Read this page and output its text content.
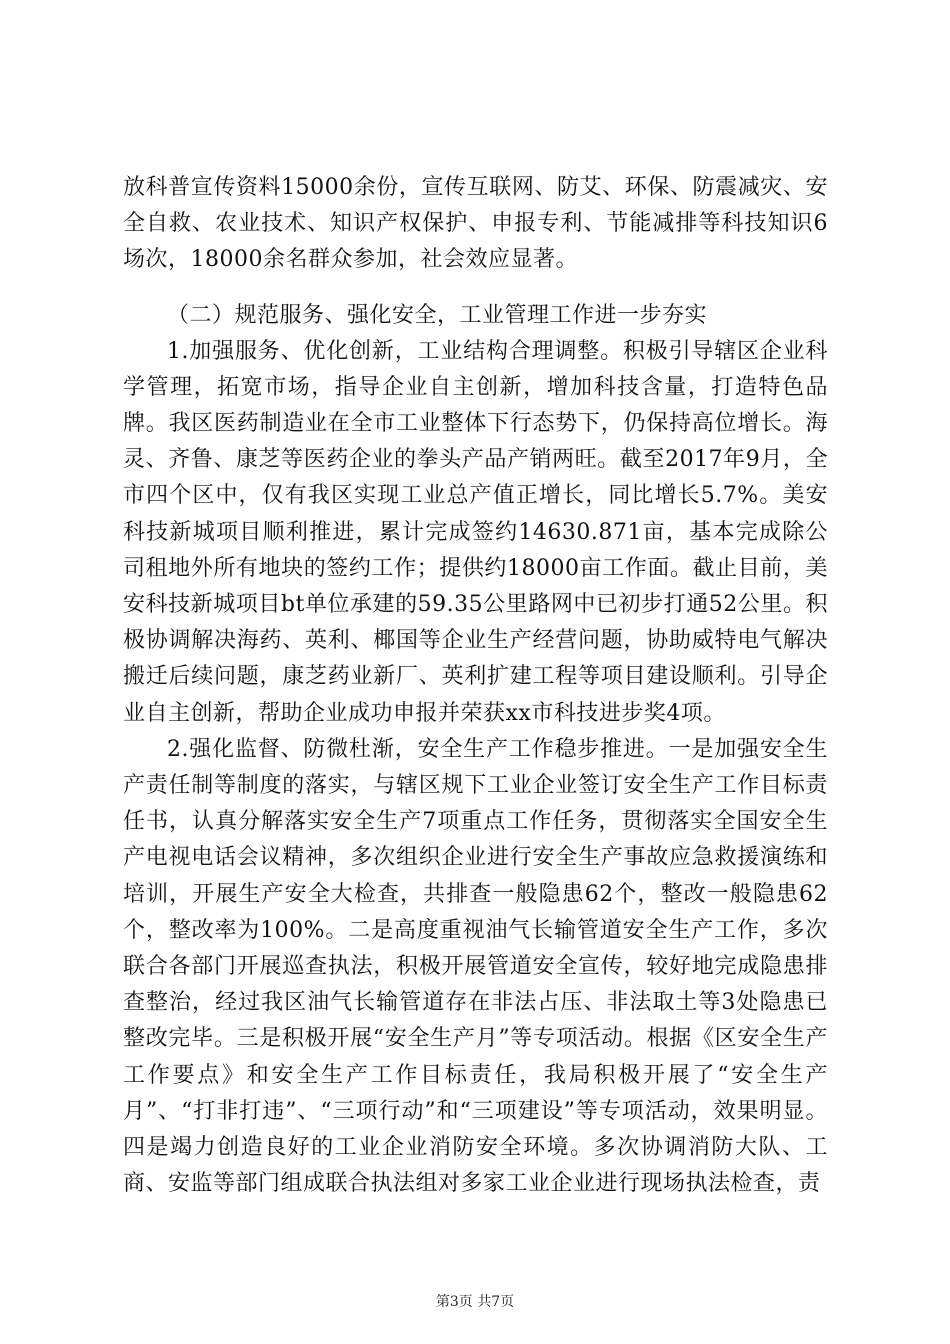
放科普宣传资料15000余份，宣传互联网、防艾、环保、防震减灾、安全自救、农业技术、知识产权保护、申报专利、节能减排等科技知识6场次，18000余名群众参加，社会效应显著。

（二）规范服务、强化安全，工业管理工作进一步夯实

1.加强服务、优化创新，工业结构合理调整。积极引导辖区企业科学管理，拓宽市场，指导企业自主创新，增加科技含量，打造特色品牌。我区医药制造业在全市工业整体下行态势下，仍保持高位增长。海灵、齐鲁、康芝等医药企业的拳头产品产销两旺。截至2017年9月，全市四个区中，仅有我区实现工业总产值正增长，同比增长5.7%。美安科技新城项目顺利推进，累计完成签约14630.871亩，基本完成除公司租地外所有地块的签约工作；提供约18000亩工作面。截止目前，美安科技新城项目bt单位承建的59.35公里路网中已初步打通52公里。积极协调解决海药、英利、椰国等企业生产经营问题，协助威特电气解决搬迁后续问题，康芝药业新厂、英利扩建工程等项目建设顺利。引导企业自主创新，帮助企业成功申报并荣获xx市科技进步奖4项。

2.强化监督、防微杜渐，安全生产工作稳步推进。一是加强安全生产责任制等制度的落实，与辖区规下工业企业签订安全生产工作目标责任书，认真分解落实安全生产7项重点工作任务，贯彻落实全国安全生产电视电话会议精神，多次组织企业进行安全生产事故应急救援演练和培训，开展生产安全大检查，共排查一般隐患62个，整改一般隐患62个，整改率为100%。二是高度重视油气长输管道安全生产工作，多次联合各部门开展巡查执法，积极开展管道安全宣传，较好地完成隐患排查整治，经过我区油气长输管道存在非法占压、非法取土等3处隐患已整改完毕。三是积极开展“安全生产月”等专项活动。根据《区安全生产工作要点》和安全生产工作目标责任，我局积极开展了“安全生产月”、“打非打违”、“三项行动”和“三项建设”等专项活动，效果明显。四是竭力创造良好的工业企业消防安全环境。多次协调消防大队、工商、安监等部门组成联合执法组对多家工业企业进行现场执法检查，责

第3页 共7页
